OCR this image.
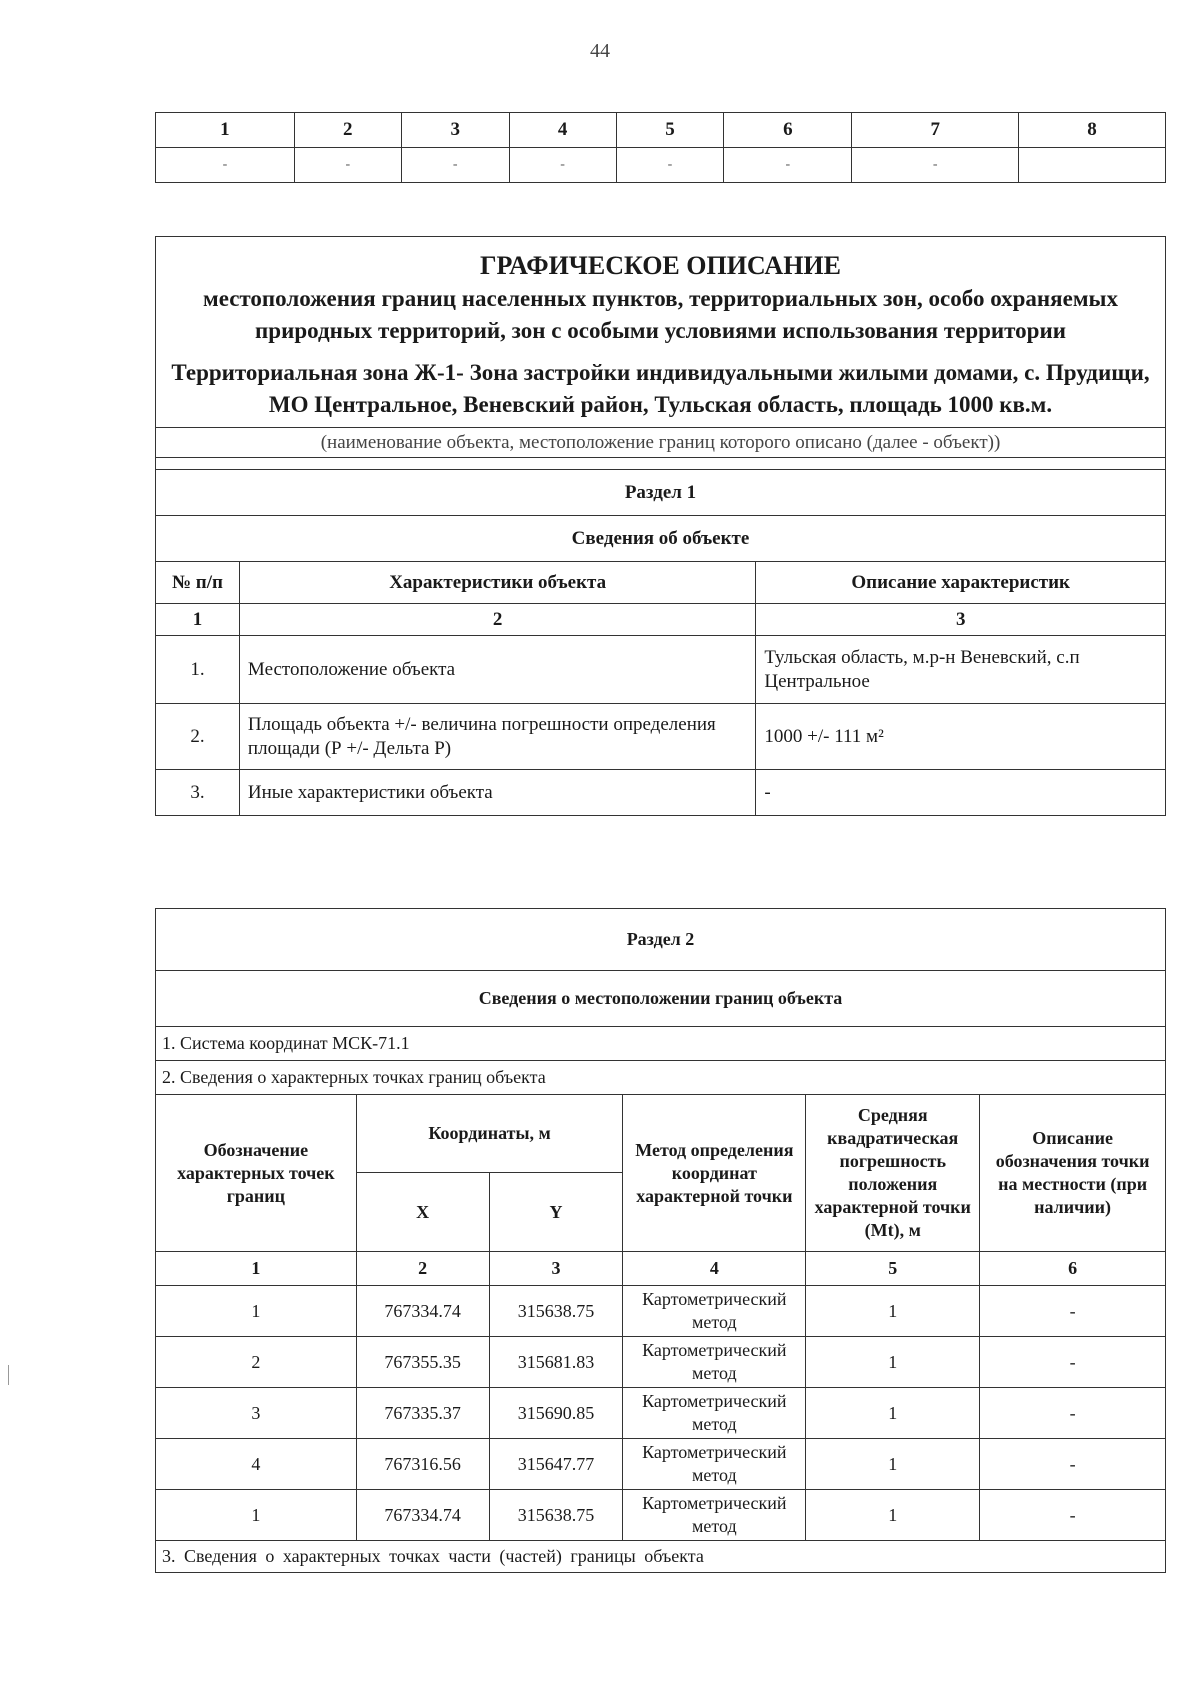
44
1	2	3	4	5	6	7	8
-	-	-	-	-	-	-	
ГРАФИЧЕСКОЕ ОПИСАНИЕ
местоположения границ населенных пунктов, территориальных зон, особо охраняемых природных территорий, зон с особыми условиями использования территории
Территориальная зона Ж-1- Зона застройки индивидуальными жилыми домами, с. Прудищи, МО Центральное, Веневский район, Тульская область, площадь 1000 кв.м.		

(наименование объекта, местоположение границ которого описано (далее - объект))		

Раздел 1		
Сведения об объекте		
№ п/п	Характеристики объекта	Описание характеристик
1	2	3
1.	Местоположение объекта	Тульская область, м.р-н Веневский, с.п Центральное
2.	Площадь объекта +/- величина погрешности определения площади (Р +/- Дельта Р)	1000 +/- 111 м²
3.	Иные характеристики объекта	-
Раздел 2					
Сведения о местоположении границ объекта					
1. Система координат МСК-71.1					
2. Сведения о характерных точках границ объекта					
Обозначение характерных точек границ	Координаты, м		Метод определения координат характерной точки	Средняя квадратическая погрешность положения характерной точки (Mt), м	Описание обозначения точки на местности (при наличии)
	X	Y			
1	2	3	4	5	6
1	767334.74	315638.75	Картометрический метод	1	-
2	767355.35	315681.83	Картометрический метод	1	-
3	767335.37	315690.85	Картометрический метод	1	-
4	767316.56	315647.77	Картометрический метод	1	-
1	767334.74	315638.75	Картометрический метод	1	-
3. Сведения о характерных точках части (частей) границы объекта					
